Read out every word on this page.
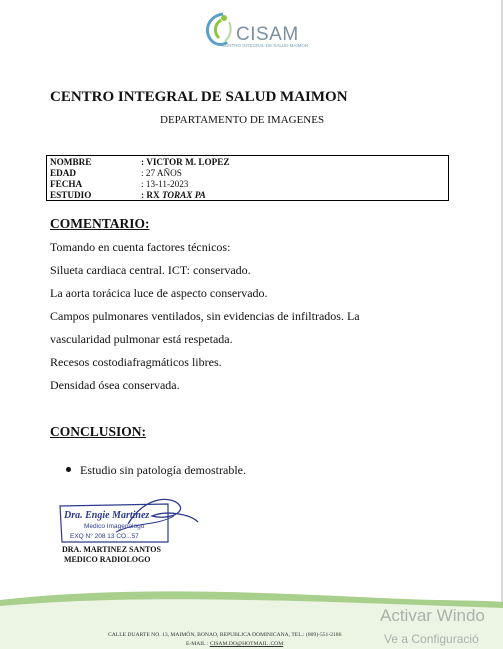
CISAM
CENTRO INTEGRAL DE SALUD MAIMON
CENTRO INTEGRAL DE SALUD MAIMON
DEPARTAMENTO DE IMAGENES
NOMBRE	: VICTOR M. LOPEZ
EDAD	: 27 AÑOS
FECHA	: 13-11-2023
ESTUDIO	: RX TORAX PA
COMENTARIO:
Tomando en cuenta factores técnicos:
Silueta cardiaca central. ICT: conservado.
La aorta torácica luce de aspecto conservado.
Campos pulmonares ventilados, sin evidencias de infiltrados. La
vascularidad pulmonar está respetada.
Recesos costodiafragmáticos libres.
Densidad ósea conservada.
CONCLUSION:
Estudio sin patología demostrable.
Dra. Engie Martinez
Medico Imagenologo
EXQ N° 208 13 CO...57
DRA. MARTINEZ SANTOS
MEDICO RADIOLOGO
CALLE DUARTE NO. 13, MAIMÓN, BONAO, REPUBLICA DOMINICANA, TEL.: (809)-551-2186
E-MAIL : CISAM.DO@HOTMAIL .COM
Activar Windo
Ve a Configuració
